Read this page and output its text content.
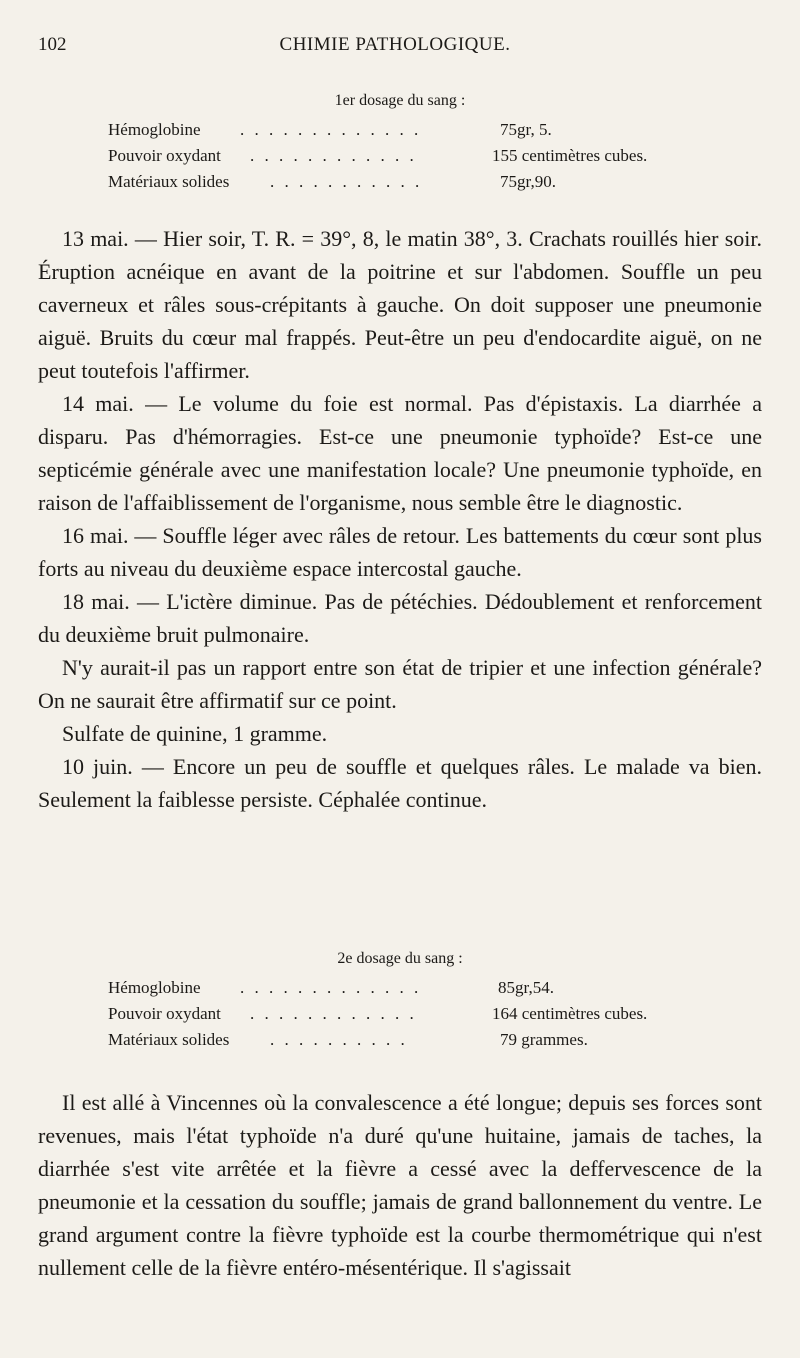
102	CHIMIE PATHOLOGIQUE.
1er dosage du sang :
Hémoglobine . . . . . . . . . . . . .	75gr, 5.
Pouvoir oxydant . . . . . . . . . . . .	155 centimètres cubes.
Matériaux solides . . . . . . . . . . .	75gr,90.

13 mai. — Hier soir, T. R. = 39°, 8, le matin 38°, 3. Crachats rouillés hier soir. Éruption acnéique en avant de la poitrine et sur l'abdomen. Souffle un peu caverneux et râles sous-crépitants à gauche. On doit supposer une pneumonie aiguë. Bruits du cœur mal frappés. Peut-être un peu d'endocardite aiguë, on ne peut toutefois l'affirmer.

14 mai. — Le volume du foie est normal. Pas d'épistaxis. La diarrhée a disparu. Pas d'hémorragies. Est-ce une pneumonie typhoïde? Est-ce une septicémie générale avec une manifestation locale? Une pneumonie typhoïde, en raison de l'affaiblissement de l'organisme, nous semble être le diagnostic.

16 mai. — Souffle léger avec râles de retour. Les battements du cœur sont plus forts au niveau du deuxième espace intercostal gauche.

18 mai. — L'ictère diminue. Pas de pétéchies. Dédoublement et renforcement du deuxième bruit pulmonaire.

N'y aurait-il pas un rapport entre son état de tripier et une infection générale? On ne saurait être affirmatif sur ce point.

Sulfate de quinine, 1 gramme.

10 juin. — Encore un peu de souffle et quelques râles. Le malade va bien. Seulement la faiblesse persiste. Céphalée continue.

2e dosage du sang :
Hémoglobine . . . . . . . . . . . . .	85gr,54.
Pouvoir oxydant . . . . . . . . . . . .	164 centimètres cubes.
Matériaux solides . . . . . . . . . .	79 grammes.

Il est allé à Vincennes où la convalescence a été longue; depuis ses forces sont revenues, mais l'état typhoïde n'a duré qu'une huitaine, jamais de taches, la diarrhée s'est vite arrêtée et la fièvre a cessé avec la deffervescence de la pneumonie et la cessation du souffle; jamais de grand ballonnement du ventre. Le grand argument contre la fièvre typhoïde est la courbe thermométrique qui n'est nullement celle de la fièvre entéro-mésentérique. Il s'agissait
